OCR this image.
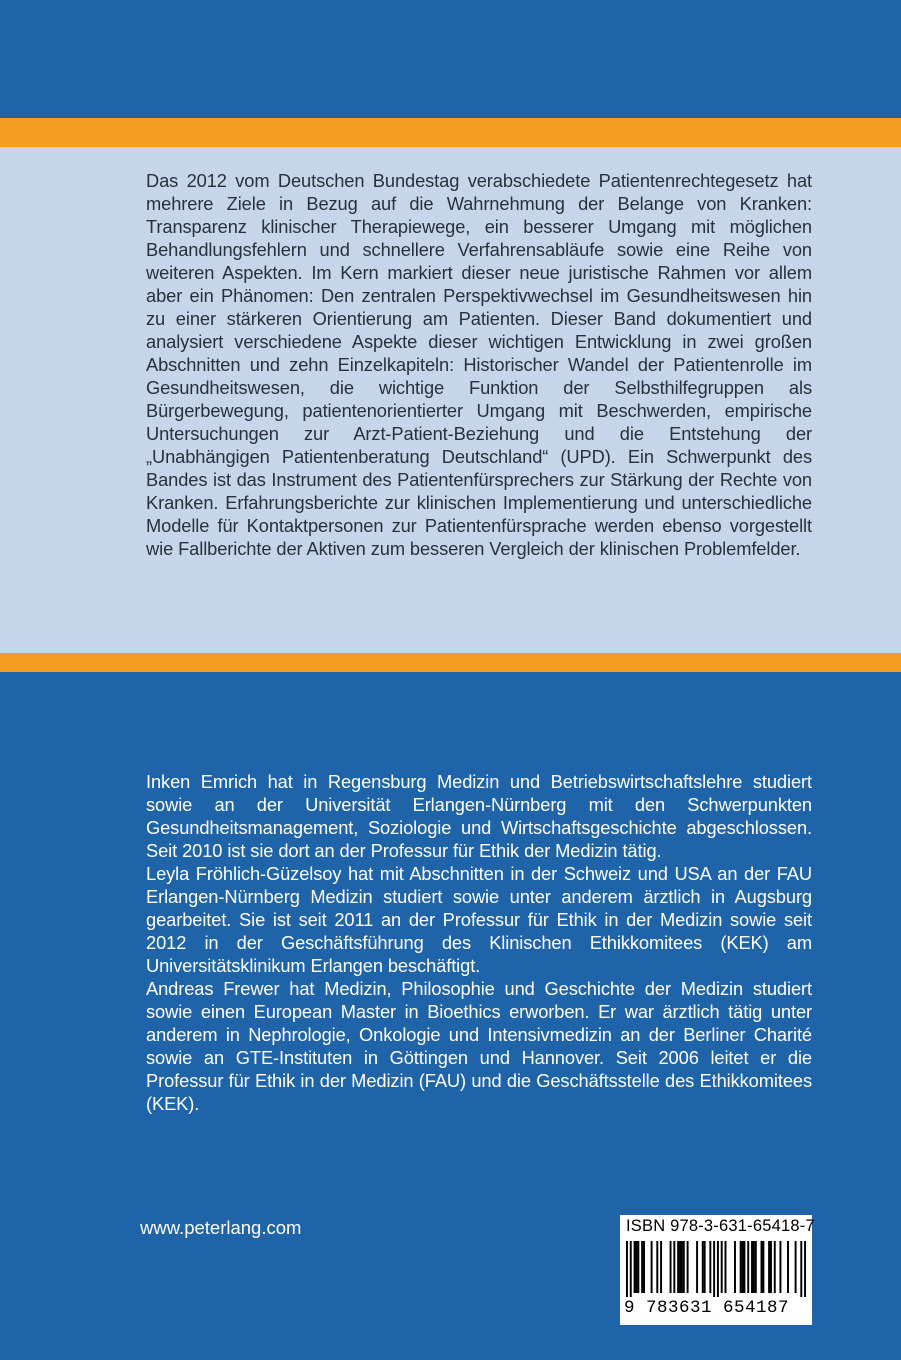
Das 2012 vom Deutschen Bundestag verabschiedete Patientenrechtegesetz hat mehrere Ziele in Bezug auf die Wahrnehmung der Belange von Kranken: Transparenz klinischer Therapiewege, ein besserer Umgang mit möglichen Behandlungsfehlern und schnellere Verfahrensabläufe sowie eine Reihe von weiteren Aspekten. Im Kern markiert dieser neue juristische Rahmen vor allem aber ein Phänomen: Den zentralen Perspektivwechsel im Gesundheitswesen hin zu einer stärkeren Orientierung am Patienten. Dieser Band dokumentiert und analysiert verschiedene Aspekte dieser wichtigen Entwicklung in zwei großen Abschnitten und zehn Einzelkapiteln: Historischer Wandel der Patientenrolle im Gesundheitswesen, die wichtige Funktion der Selbsthilfegruppen als Bürgerbewegung, patientenorientierter Umgang mit Beschwerden, empirische Untersuchungen zur Arzt-Patient-Beziehung und die Entstehung der „Unabhängigen Patientenberatung Deutschland“ (UPD). Ein Schwerpunkt des Bandes ist das Instrument des Patientenfürsprechers zur Stärkung der Rechte von Kranken. Erfahrungsberichte zur klinischen Implementierung und unterschiedliche Modelle für Kontaktpersonen zur Patientenfürsprache werden ebenso vorgestellt wie Fallberichte der Aktiven zum besseren Vergleich der klinischen Problemfelder.

Inken Emrich hat in Regensburg Medizin und Betriebswirtschaftslehre studiert sowie an der Universität Erlangen-Nürnberg mit den Schwerpunkten Gesundheitsmanagement, Soziologie und Wirtschaftsgeschichte abgeschlossen. Seit 2010 ist sie dort an der Professur für Ethik der Medizin tätig.

Leyla Fröhlich-Güzelsoy hat mit Abschnitten in der Schweiz und USA an der FAU Erlangen-Nürnberg Medizin studiert sowie unter anderem ärztlich in Augsburg gearbeitet. Sie ist seit 2011 an der Professur für Ethik in der Medizin sowie seit 2012 in der Geschäftsführung des Klinischen Ethikkomitees (KEK) am Universitätsklinikum Erlangen beschäftigt.

Andreas Frewer hat Medizin, Philosophie und Geschichte der Medizin studiert sowie einen European Master in Bioethics erworben. Er war ärztlich tätig unter anderem in Nephrologie, Onkologie und Intensivmedizin an der Berliner Charité sowie an GTE-Instituten in Göttingen und Hannover. Seit 2006 leitet er die Professur für Ethik in der Medizin (FAU) und die Geschäftsstelle des Ethikkomitees (KEK).

www.peterlang.com	ISBN 978-3-631-65418-7
9 783631 654187
